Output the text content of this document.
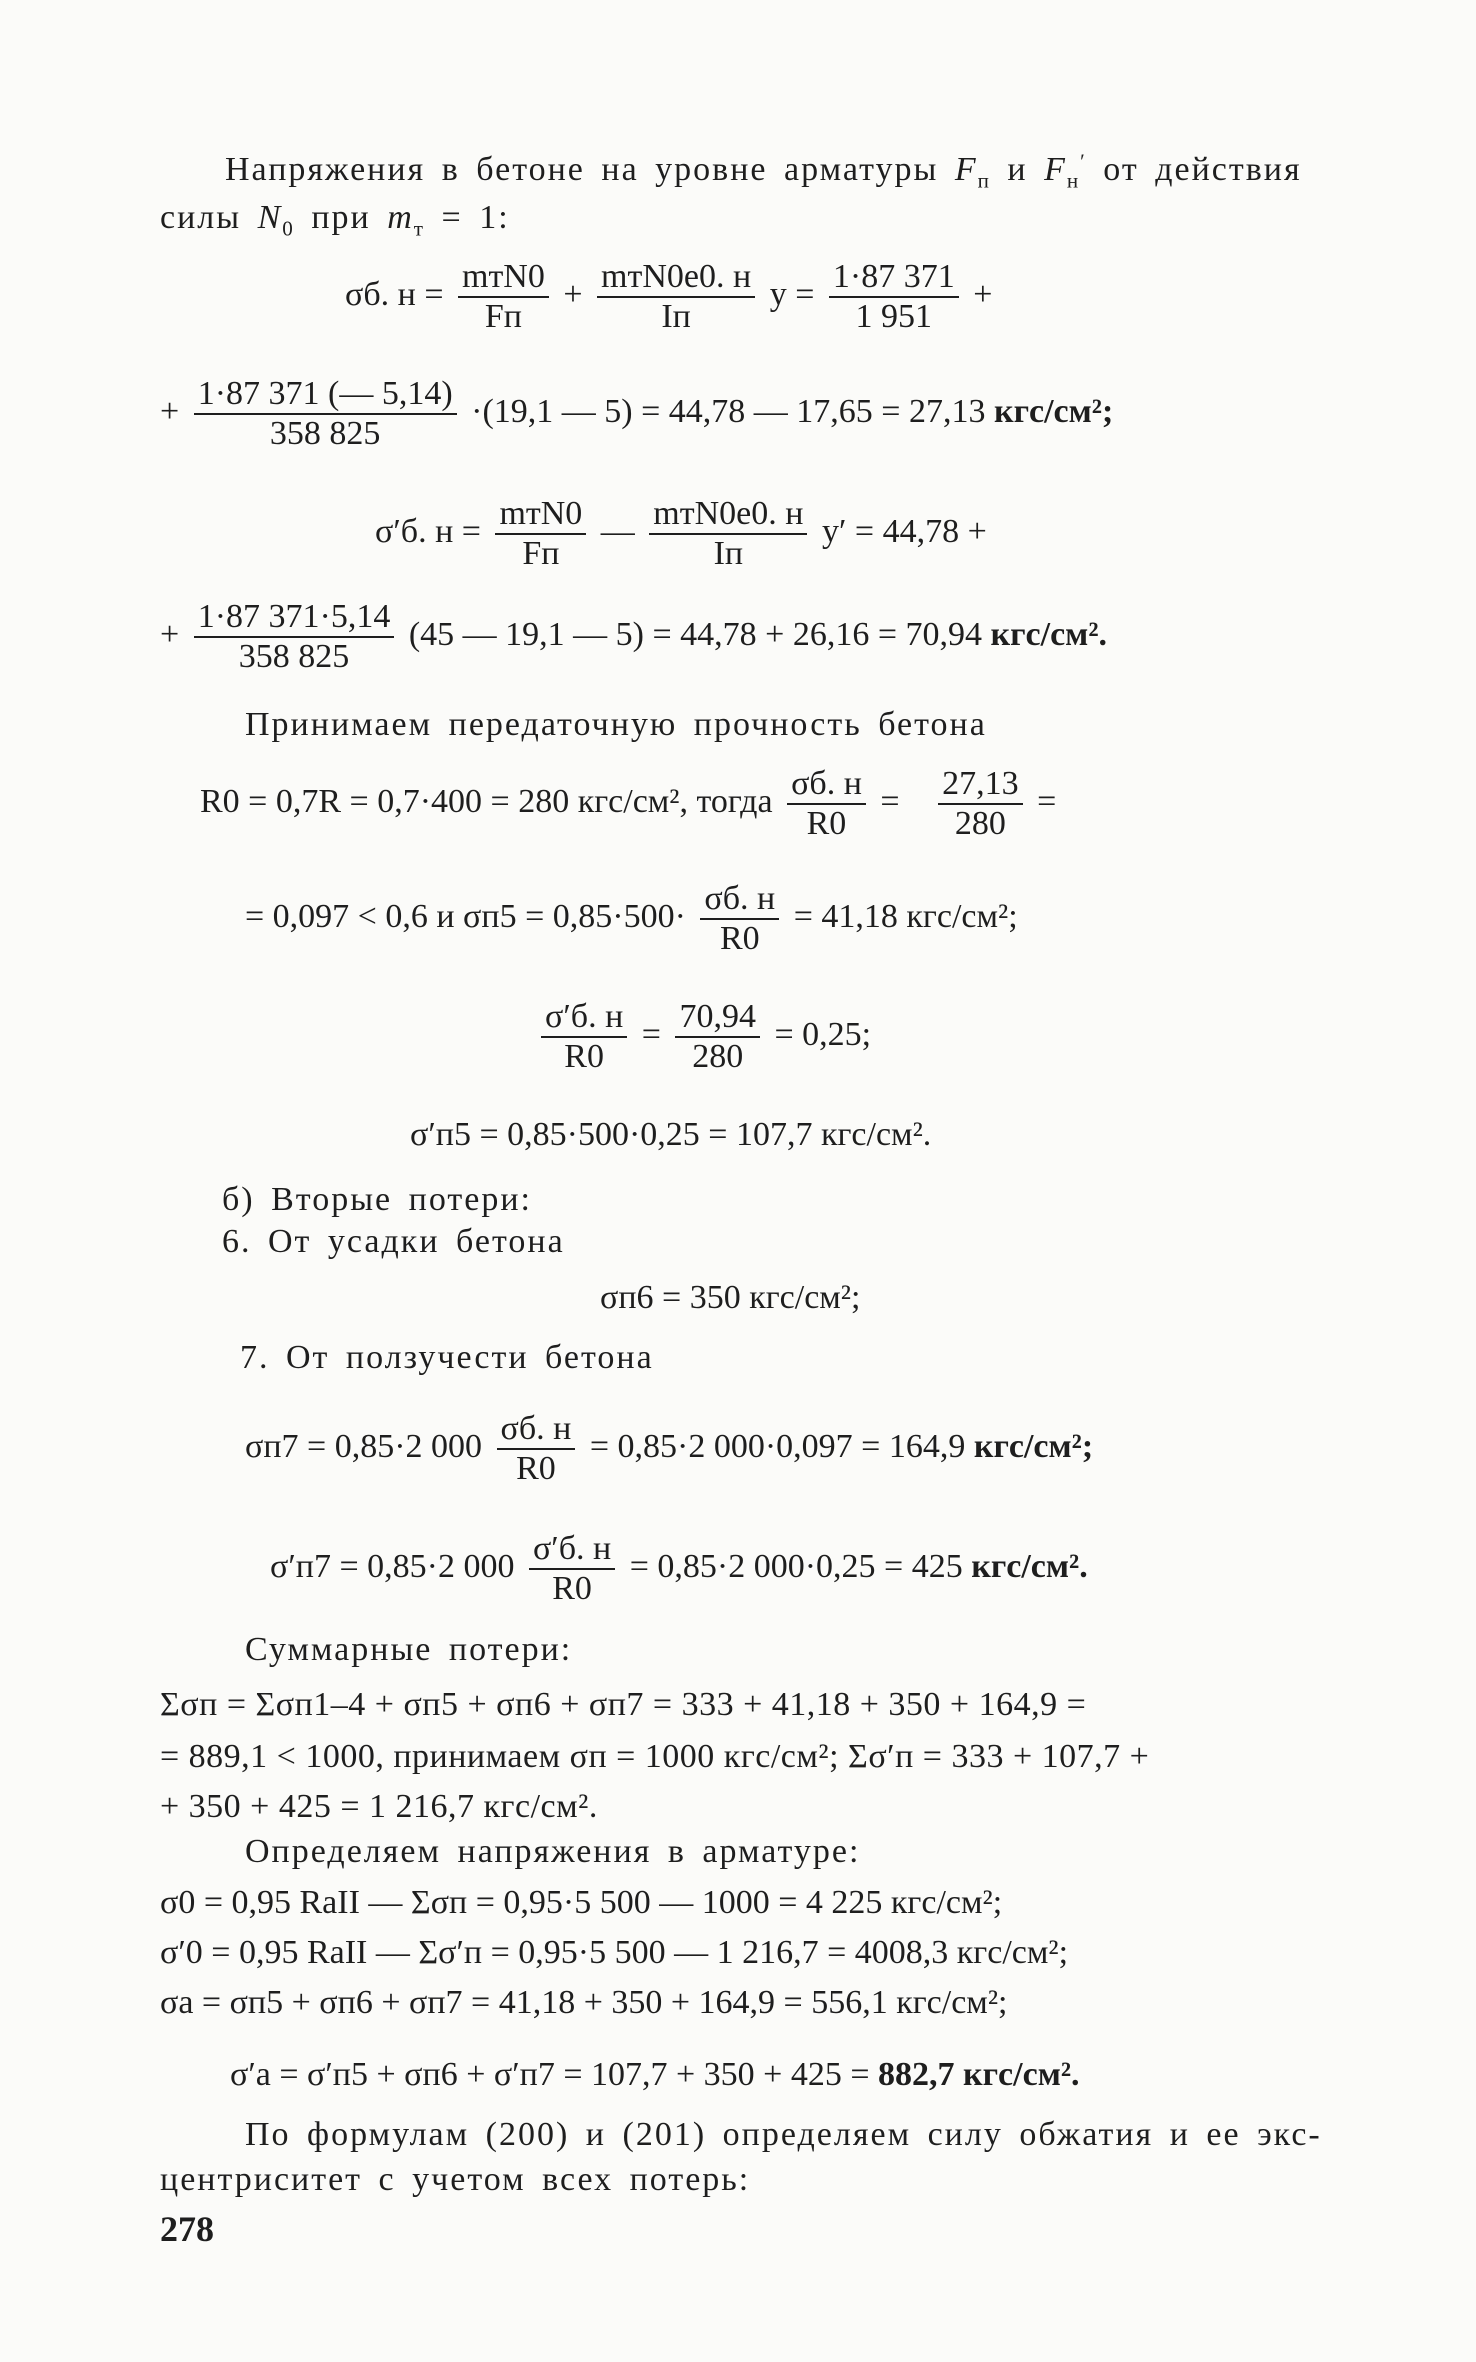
Напряжения в бетоне на уровне арматуры $F_п$ и $F_н'$ от действия
силы $N_0$ при $m_т = 1$:
σб. $н = \frac{\text{mтN0}}{Fп} + \frac{\text{mтN0e0. н}}{Iп}$ $y = \frac{1\cdot 87 371}{1 951}$ +
+ $\frac{1\cdot 87 371 (— 5,14)}{358 825} \cdot(19,1$ — 5) = 44,78 — 17,65 = 27,13 кгс/см²;
σ′б. $н = \frac{\text{mтN0}}{Fп}$ — $\frac{\text{mтN0e0. н}}{Iп} y' = 44,78$ +
+ $\frac{1\cdot 87 371\cdot 5,14}{358 825} (45$ — 19,1 — 5) = 44,78 + 26,16 = 70,94 кгс/см².
Принимаем передаточную прочность бетона
R0 = 0,7R = 0,7·400 = 280 кгс/см², тогда $\frac{\sigma б. н}{R0} = \frac{27,13}{280}$ =
= 0,097 < 0,6 и $\sigma п5 = 0,85\cdot 500\cdot \frac{\sigma б. н}{R0} = 41,18$ кгс/см²;
$\frac{\sigma'б. н}{R0} = \frac{70,94}{280} = 0,25$;
σ′п5 = 0,85·500·0,25 = 107,7 кгс/см².
б) Вторые потери:
6. От усадки бетона
σп6 = 350 кгс/см²;
7. От ползучести бетона
σп7 = 0,85·2 $000 \frac{\sigma б. н}{R0} = 0,85\cdot 2$ 000·0,097 = 164,9 кгс/см²;
σ′п7 = 0,85·2 $000 \frac{\sigma'б. н}{R0} = 0,85\cdot 2$ 000·0,25 = 425 кгс/см².
Суммарные потери:
Σσп = Σσп1–4 + σп5 + σп6 + σп7 = 333 + 41,18 + 350 + 164,9 =
= 889,1 < 1000, принимаем σп = 1000 кгс/см²; Σσ′п = 333 + 107,7 +
+ 350 + 425 = 1 216,7 кгс/см².
Определяем напряжения в арматуре:
σ0 = 0,95 RaII — Σσп = 0,95·5 500 — 1000 = 4 225 кгс/см²;
σ′0 = 0,95 RaII — Σσ′п = 0,95·5 500 — 1 216,7 = 4008,3 кгс/см²;
σa = σп5 + σп6 + σп7 = 41,18 + 350 + 164,9 = 556,1 кгс/см²;
σ′a = σ′п5 + σп6 + σ′п7 = 107,7 + 350 + 425 = 882,7 кгс/см².
По формулам (200) и (201) определяем силу обжатия и ее экс-
центриситет с учетом всех потерь:
278
